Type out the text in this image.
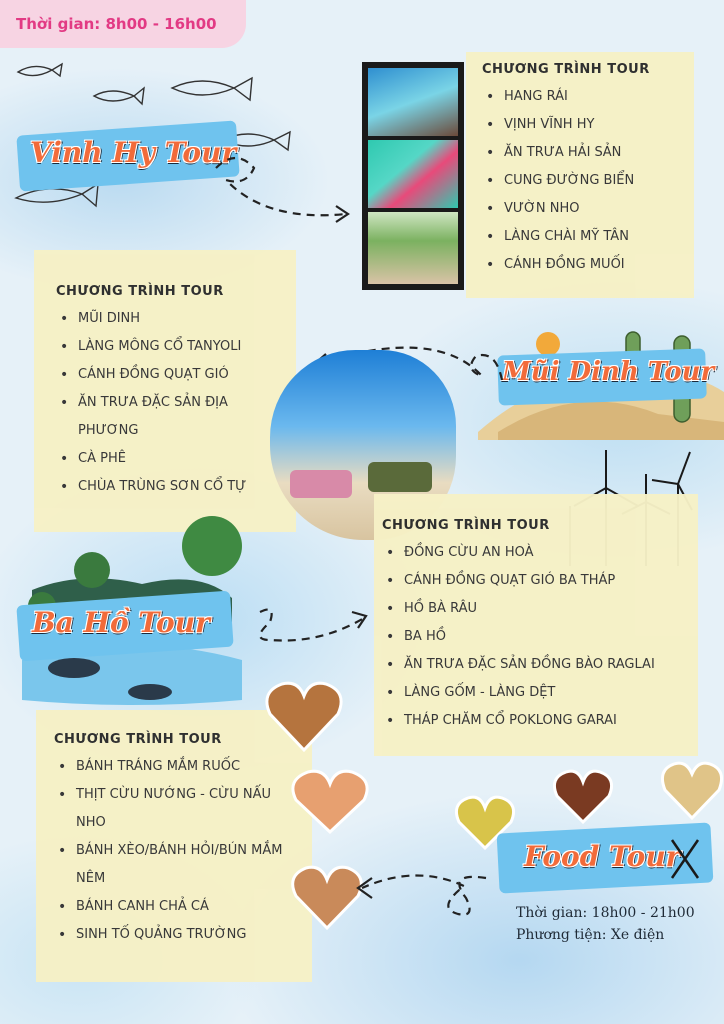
Thời gian: 8h00 - 16h00
Vinh Hy Tour
CHƯƠNG TRÌNH TOUR
• HANG RÁI
• VỊNH VĨNH HY
• ĂN TRƯA HẢI SẢN
• CUNG ĐƯỜNG BIỂN
• VƯỜN NHO
• LÀNG CHÀI MỸ TÂN
• CÁNH ĐỒNG MUỐI
CHƯƠNG TRÌNH TOUR
• MŨI DINH
• LÀNG MÔNG CỔ TANYOLI
• CÁNH ĐỒNG QUẠT GIÓ
• ĂN TRƯA ĐẶC SẢN ĐỊA PHƯƠNG
• CÀ PHÊ
• CHÙA TRÙNG SƠN CỔ TỰ
Mũi Dinh Tour
Ba Hồ Tour
CHƯƠNG TRÌNH TOUR
• ĐỒNG CỪU AN HOÀ
• CÁNH ĐỒNG QUẠT GIÓ BA THÁP
• HỒ BÀ RÂU
• BA HỒ
• ĂN TRƯA ĐẶC SẢN ĐỒNG BÀO RAGLAI
• LÀNG GỐM - LÀNG DỆT
• THÁP CHĂM CỔ POKLONG GARAI
CHƯƠNG TRÌNH TOUR
• BÁNH TRÁNG MẮM RUỐC
• THỊT CỪU NƯỚNG - CỪU NẤU NHO
• BÁNH XÈO/BÁNH HỎI/BÚN MẮM NÊM
• BÁNH CANH CHẢ CÁ
• SINH TỐ QUẢNG TRƯỜNG
Food Tour
Thời gian: 18h00 - 21h00
Phương tiện: Xe điện
